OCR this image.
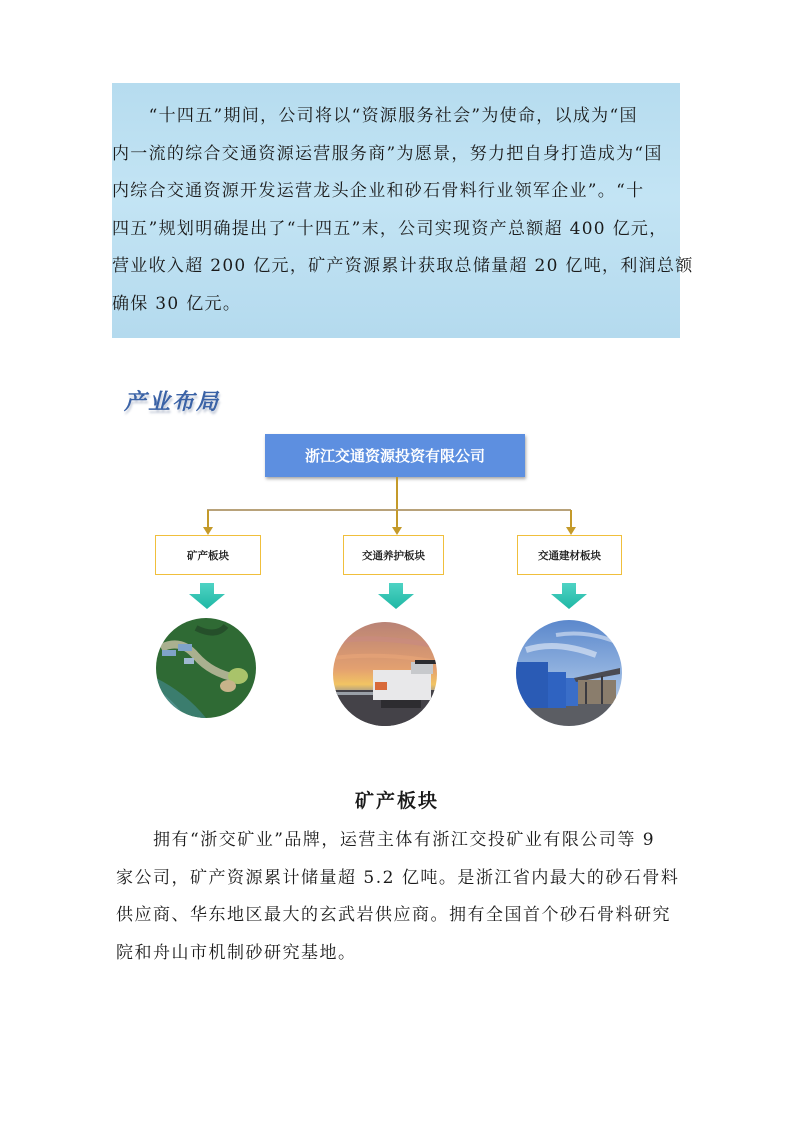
　　“十四五”期间，公司将以“资源服务社会”为使命，以成为“国
内一流的综合交通资源运营服务商”为愿景，努力把自身打造成为“国
内综合交通资源开发运营龙头企业和砂石骨料行业领军企业”。“十
四五”规划明确提出了“十四五”末，公司实现资产总额超 400 亿元，
营业收入超 200 亿元，矿产资源累计获取总储量超 20 亿吨，利润总额
确保 30 亿元。

产业布局
浙江交通资源投资有限公司
矿产板块	交通养护板块	交通建材板块
矿产板块

　　拥有“浙交矿业”品牌，运营主体有浙江交投矿业有限公司等 9
家公司，矿产资源累计储量超 5.2 亿吨。是浙江省内最大的砂石骨料
供应商、华东地区最大的玄武岩供应商。拥有全国首个砂石骨料研究
院和舟山市机制砂研究基地。
